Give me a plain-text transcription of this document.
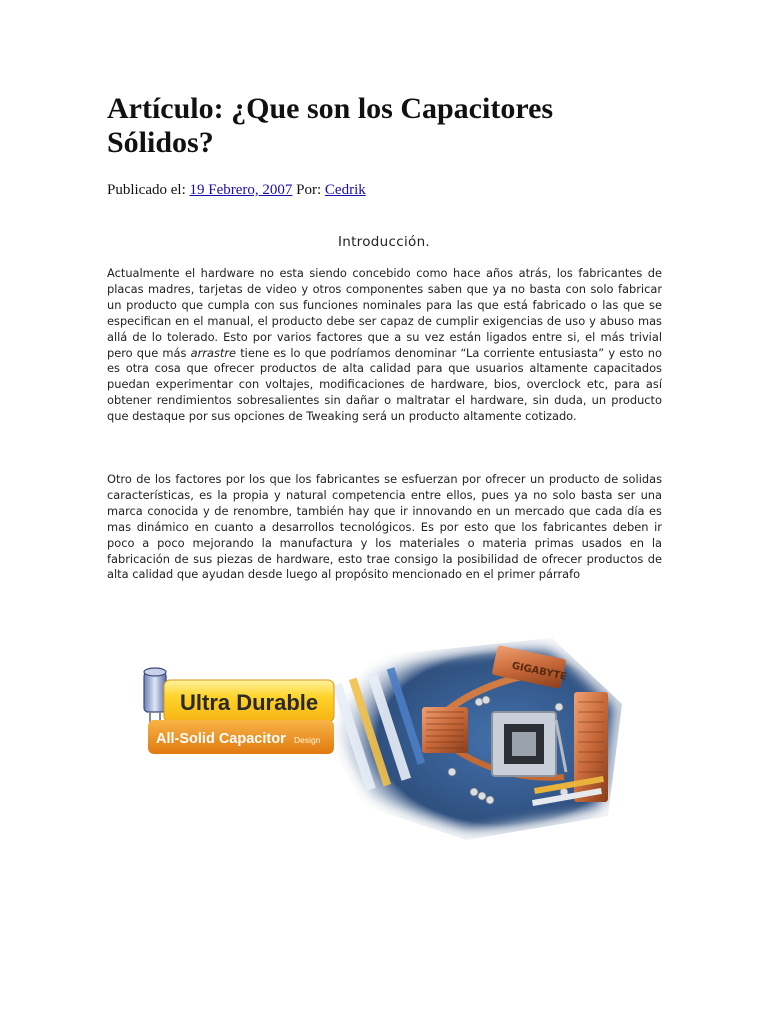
Artículo: ¿Que son los Capacitores Sólidos?
Publicado el: 19 Febrero, 2007 Por: Cedrik
Introducción.

Actualmente el hardware no esta siendo concebido como hace años atrás, los fabricantes de placas madres, tarjetas de video y otros componentes saben que ya no basta con solo fabricar un producto que cumpla con sus funciones nominales para las que está fabricado o las que se especifican en el manual, el producto debe ser capaz de cumplir exigencias de uso y abuso mas allá de lo tolerado. Esto por varios factores que a su vez están ligados entre si, el más trivial pero que más arrastre tiene es lo que podríamos denominar “La corriente entusiasta” y esto no es otra cosa que ofrecer productos de alta calidad para que usuarios altamente capacitados puedan experimentar con voltajes, modificaciones de hardware, bios, overclock etc, para así obtener rendimientos sobresalientes sin dañar o maltratar el hardware, sin duda, un producto que destaque por sus opciones de Tweaking será un producto altamente cotizado.

Otro de los factores por los que los fabricantes se esfuerzan por ofrecer un producto de solidas características, es la propia y natural competencia entre ellos, pues ya no solo basta ser una marca conocida y de renombre, también hay que ir innovando en un mercado que cada día es mas dinámico en cuanto a desarrollos tecnológicos. Es por esto que los fabricantes deben ir poco a poco mejorando la manufactura y los materiales o materia primas usados en la fabricación de sus piezas de hardware, esto trae consigo la posibilidad de ofrecer productos de alta calidad que ayudan desde luego al propósito mencionado en el primer párrafo

GIGABYTE
Ultra Durable
All-Solid Capacitor Design
